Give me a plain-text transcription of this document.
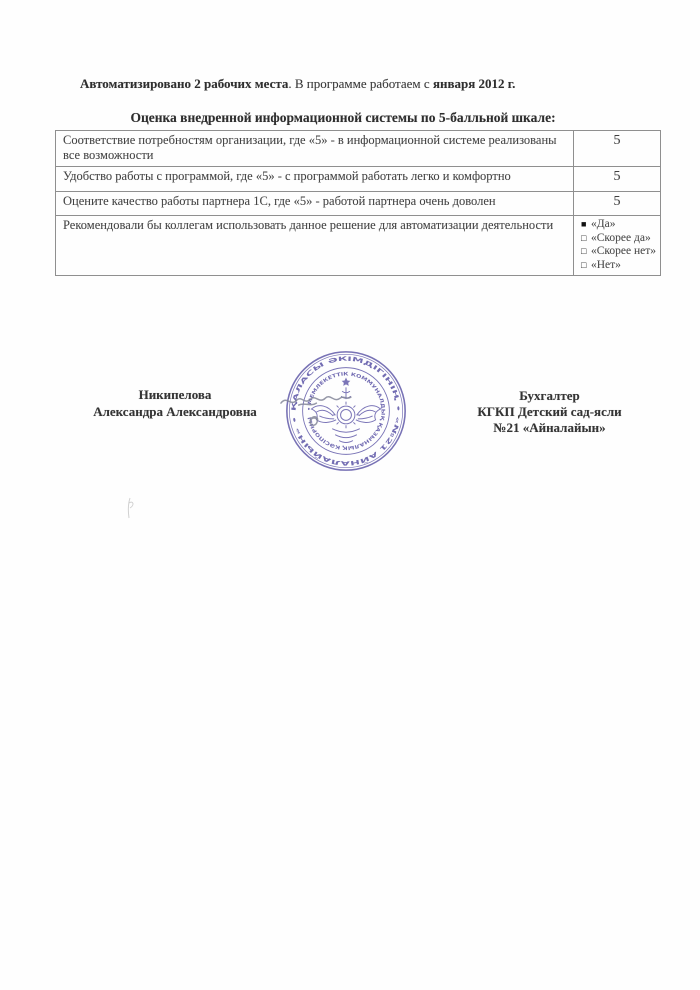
Автоматизировано 2 рабочих места. В программе работаем с января 2012 г.
Оценка внедренной информационной системы по 5-балльной шкале:
Соответствие потребностям организации, где «5» - в информационной системе реализованы все возможности	5
Удобство работы с программой, где «5» - с программой работать легко и комфортно	5
Оцените качество работы партнера 1С, где «5» - работой партнера очень доволен	5
Рекомендовали бы коллегам использовать данное решение для автоматизации деятельности	■ «Да»
□ «Скорее да»
□ «Скорее нет»
□ «Нет»
Никипелова
Александра Александровна
Бухгалтер
КГКП Детский сад-ясли
№21 «Айналайын»
ҚАЛАСЫ ӘКІМДІГІНІҢ • «№21 АЙНАЛАЙЫН» •
• МЕМЛЕКЕТТІК КОММУНАЛДЫҚ ҚАЗЫНАЛЫҚ КӘСІПОРНЫ
